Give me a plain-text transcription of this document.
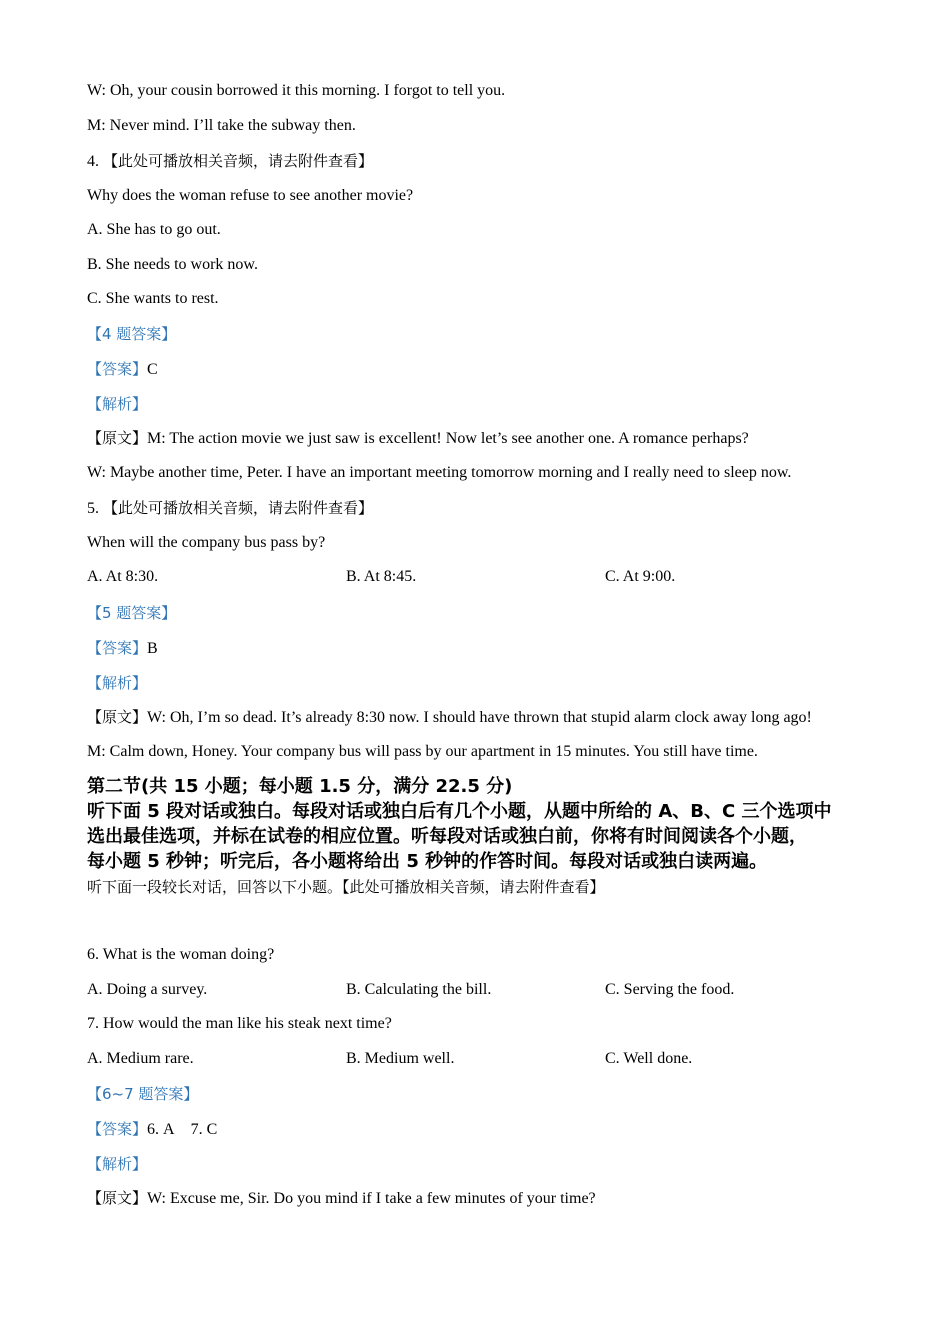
W: Oh, your cousin borrowed it this morning. I forgot to tell you.
M: Never mind. I’ll take the subway then.
4. 【此处可播放相关音频，请去附件查看】
Why does the woman refuse to see another movie?
A. She has to go out.
B. She needs to work now.
C. She wants to rest.
【4 题答案】
【答案】C
【解析】
【原文】M: The action movie we just saw is excellent! Now let’s see another one. A romance perhaps?
W: Maybe another time, Peter. I have an important meeting tomorrow morning and I really need to sleep now.
5. 【此处可播放相关音频，请去附件查看】
When will the company bus pass by?
A. At 8:30.	B. At 8:45.	C. At 9:00.
【5 题答案】
【答案】B
【解析】
【原文】W: Oh, I’m so dead. It’s already 8:30 now. I should have thrown that stupid alarm clock away long ago!
M: Calm down, Honey. Your company bus will pass by our apartment in 15 minutes. You still have time.
第二节(共 15 小题；每小题 1.5 分，满分 22.5 分)
听下面 5 段对话或独白。每段对话或独白后有几个小题，从题中所给的 A、B、C 三个选项中
选出最佳选项，并标在试卷的相应位置。听每段对话或独白前，你将有时间阅读各个小题，
每小题 5 秒钟；听完后，各小题将给出 5 秒钟的作答时间。每段对话或独白读两遍。
听下面一段较长对话，回答以下小题。【此处可播放相关音频，请去附件查看】
6. What is the woman doing?
A. Doing a survey.	B. Calculating the bill.	C. Serving the food.
7. How would the man like his steak next time?
A. Medium rare.	B. Medium well.	C. Well done.
【6~7 题答案】
【答案】6. A    7. C
【解析】
【原文】W: Excuse me, Sir. Do you mind if I take a few minutes of your time?
